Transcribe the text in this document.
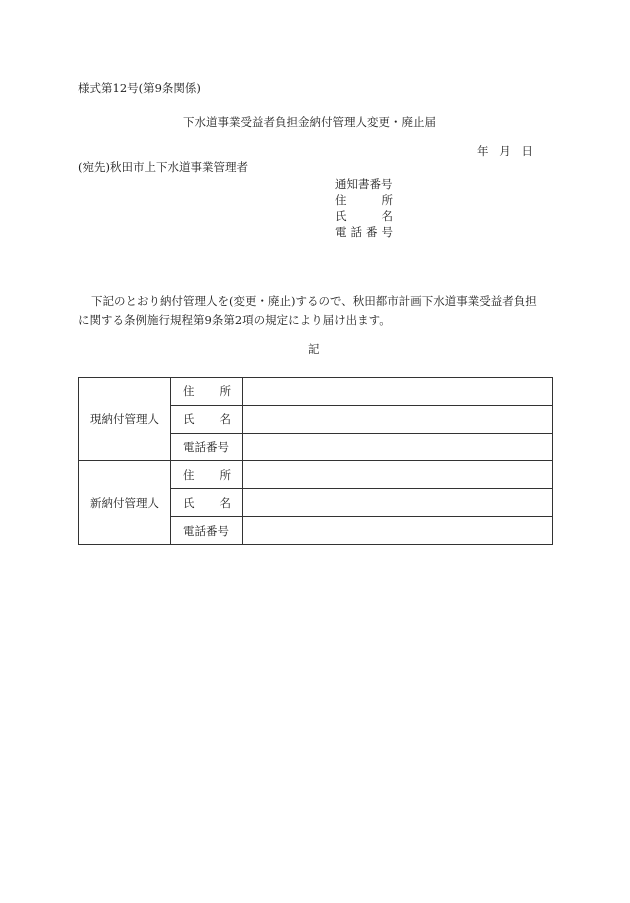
様式第12号(第9条関係)
下水道事業受益者負担金納付管理人変更・廃止届
年 月 日
(宛先)秋田市上下水道事業管理者
通知書番号
住	所
氏	名
電 話 番 号
下記のとおり納付管理人を(変更・廃止)するので、秋田都市計画下水道事業受益者負担
に関する条例施行規程第9条第2項の規定により届け出ます。
記
現納付管理人	住 所	

	氏 名	

	電話番号	

新納付管理人	住 所	

	氏 名	

	電話番号	
